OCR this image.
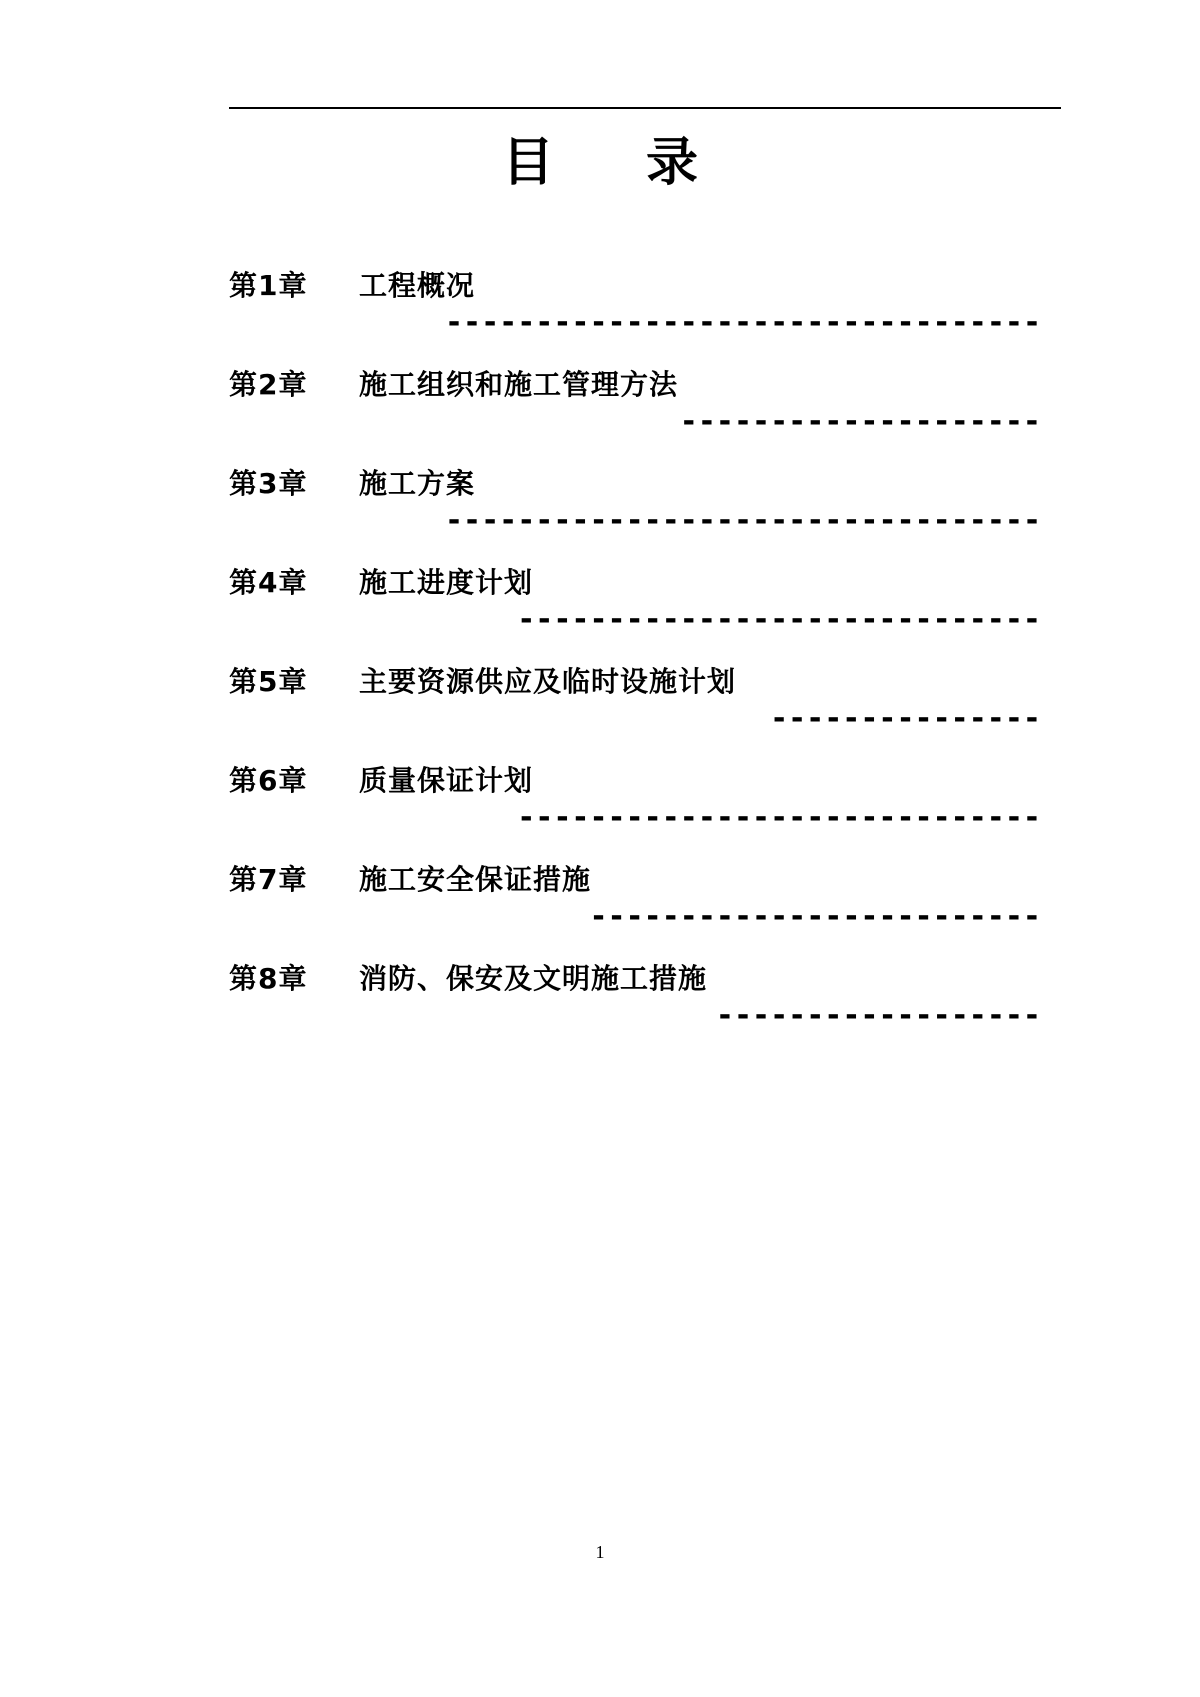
目 录
第1章 工程概况
---------------------------------
第2章 施工组织和施工管理方法
--------------------
第3章 施工方案
---------------------------------
第4章 施工进度计划
-----------------------------
第5章 主要资源供应及临时设施计划
---------------
第6章 质量保证计划
-----------------------------
第7章 施工安全保证措施
-------------------------
第8章 消防、保安及文明施工措施
------------------
1
